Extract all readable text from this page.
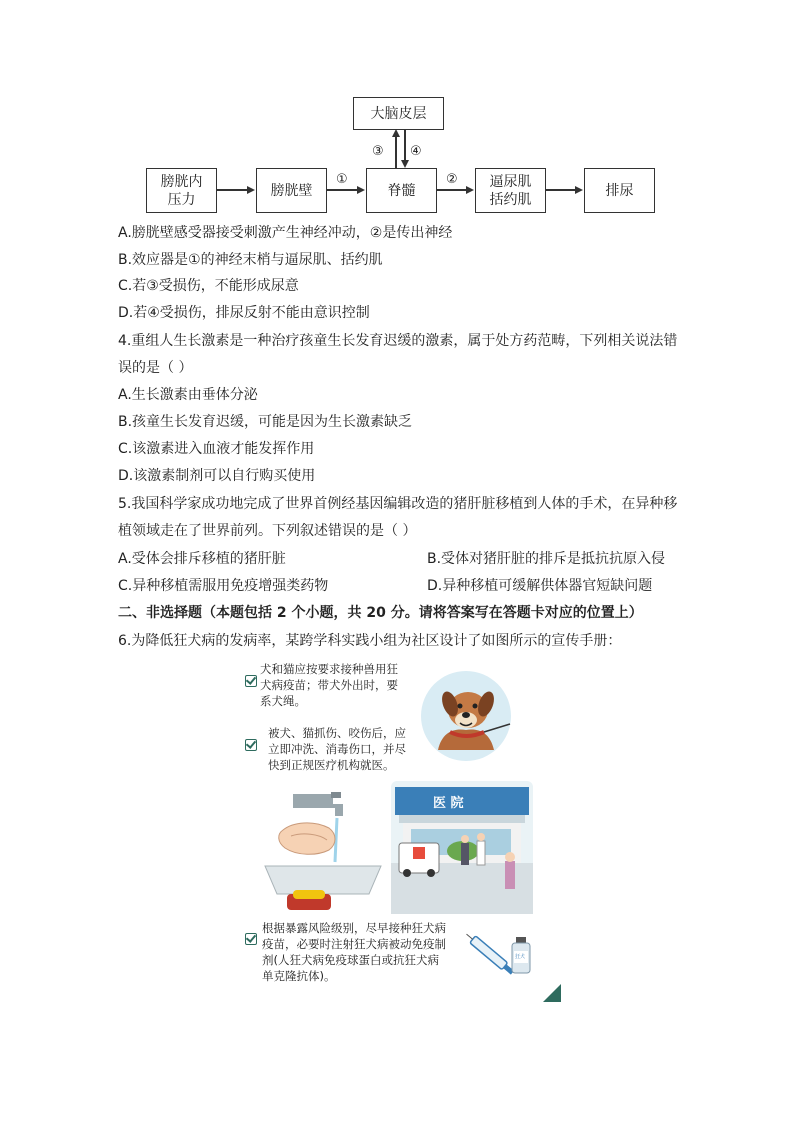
大脑皮层
膀胱内
压力
膀胱壁	脊髓
逼尿肌
括约肌
排尿
①	②
③ ④
A.膀胱壁感受器接受刺激产生神经冲动，②是传出神经
B.效应器是①的神经末梢与逼尿肌、括约肌
C.若③受损伤，不能形成尿意
D.若④受损伤，排尿反射不能由意识控制
4.重组人生长激素是一种治疗孩童生长发育迟缓的激素，属于处方药范畴，下列相关说法错
误的是（ ）
A.生长激素由垂体分泌
B.孩童生长发育迟缓，可能是因为生长激素缺乏
C.该激素进入血液才能发挥作用
D.该激素制剂可以自行购买使用
5.我国科学家成功地完成了世界首例经基因编辑改造的猪肝脏移植到人体的手术，在异种移
植领域走在了世界前列。下列叙述错误的是（ ）
A.受体会排斥移植的猪肝脏	B.受体对猪肝脏的排斥是抵抗抗原入侵
C.异种移植需服用免疫增强类药物	D.异种移植可缓解供体器官短缺问题
二、非选择题（本题包括 2 个小题，共 20 分。请将答案写在答题卡对应的位置上）
6.为降低狂犬病的发病率，某跨学科实践小组为社区设计了如图所示的宣传手册：
犬和猫应按要求接种兽用狂
犬病疫苗；带犬外出时，要
系犬绳。
被犬、猫抓伤、咬伤后，应
立即冲洗、消毒伤口，并尽
快到正规医疗机构就医。
医 院
根据暴露风险级别，尽早接种狂犬病
疫苗，必要时注射狂犬病被动免疫制
剂(人狂犬病免疫球蛋白或抗狂犬病
单克隆抗体)。
狂犬
